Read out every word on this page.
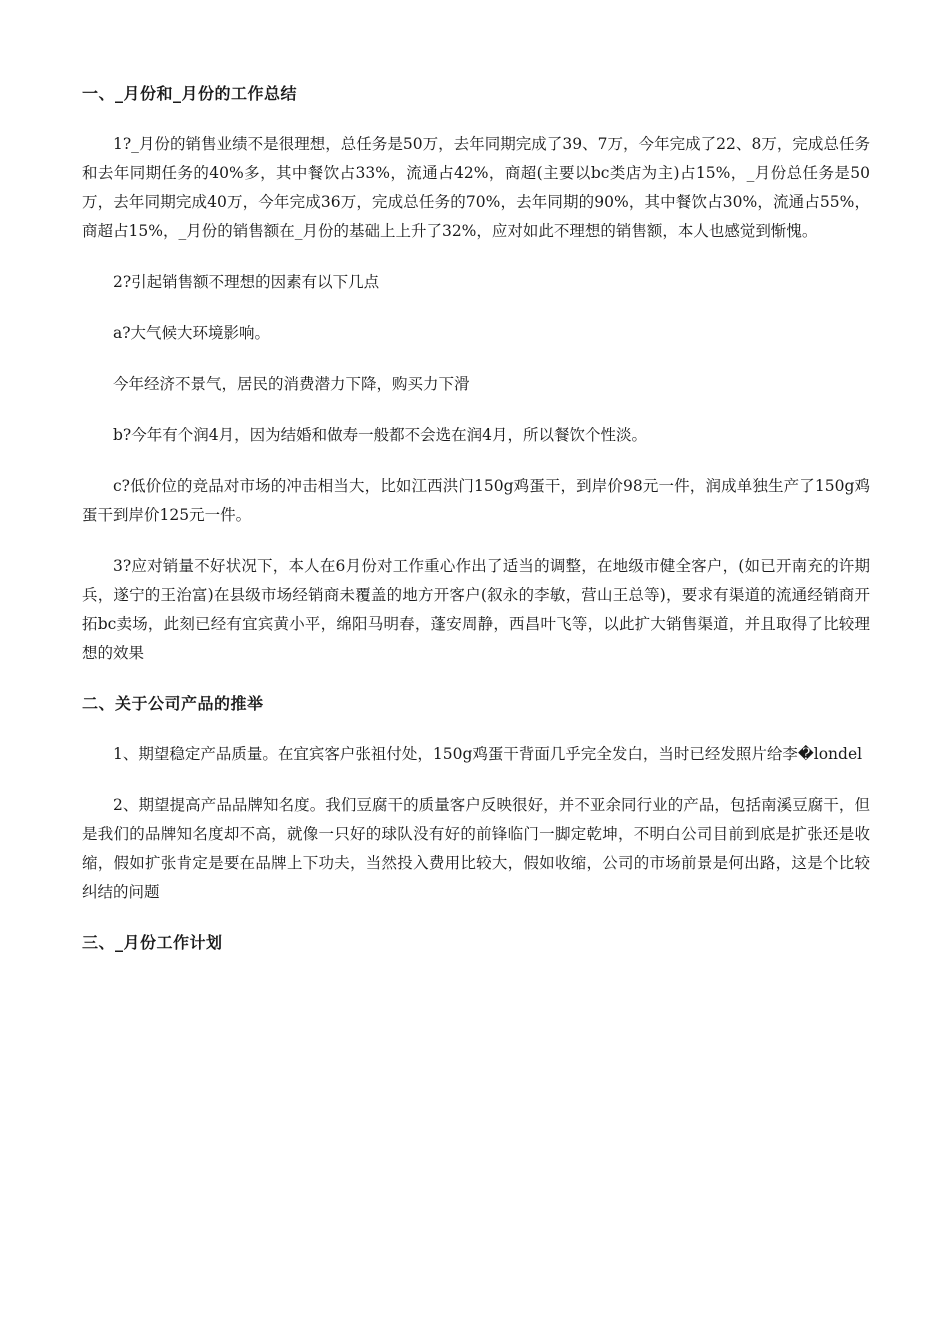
一、_月份和_月份的工作总结

1?_月份的销售业绩不是很理想，总任务是50万，去年同期完成了39、7万，今年完成了22、8万，完成总任务和去年同期任务的40%多，其中餐饮占33%，流通占42%，商超(主要以bc类店为主)占15%，_月份总任务是50万，去年同期完成40万，今年完成36万，完成总任务的70%，去年同期的90%，其中餐饮占30%，流通占55%，商超占15%，_月份的销售额在_月份的基础上上升了32%，应对如此不理想的销售额，本人也感觉到惭愧。

2?引起销售额不理想的因素有以下几点

a?大气候大环境影响。

今年经济不景气，居民的消费潜力下降，购买力下滑

b?今年有个润4月，因为结婚和做寿一般都不会选在润4月，所以餐饮个性淡。

c?低价位的竞品对市场的冲击相当大，比如江西洪门150g鸡蛋干，到岸价98元一件，润成单独生产了150g鸡蛋干到岸价125元一件。

3?应对销量不好状况下，本人在6月份对工作重心作出了适当的调整，在地级市健全客户，(如已开南充的许期兵，遂宁的王治富)在县级市场经销商未覆盖的地方开客户(叙永的李敏，营山王总等)，要求有渠道的流通经销商开拓bc卖场，此刻已经有宜宾黄小平，绵阳马明春，蓬安周静，西昌叶飞等，以此扩大销售渠道，并且取得了比较理想的效果

二、关于公司产品的推举

1、期望稳定产品质量。在宜宾客户张祖付处，150g鸡蛋干背面几乎完全发白，当时已经发照片给李�londel

2、期望提高产品品牌知名度。我们豆腐干的质量客户反映很好，并不亚余同行业的产品，包括南溪豆腐干，但是我们的品牌知名度却不高，就像一只好的球队没有好的前锋临门一脚定乾坤，不明白公司目前到底是扩张还是收缩，假如扩张肯定是要在品牌上下功夫，当然投入费用比较大，假如收缩，公司的市场前景是何出路，这是个比较纠结的问题

三、_月份工作计划
